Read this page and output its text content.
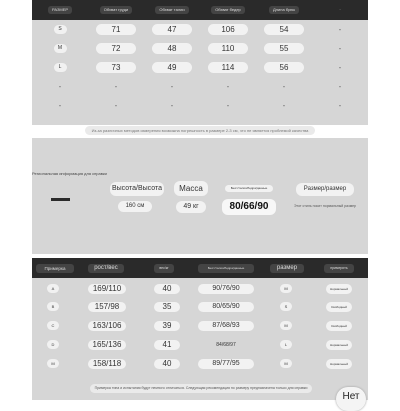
РАЗМЕР	Обхват груди	Обхват талии	Обхват бедер	Длина брюк	·
S	71	47	106	54	-
M	72	48	110	55	-
L	73	49	114	56	-
-	-	-	-	-	-
-	-	-	-	-	-
Из-за различных методов измерения возможна погрешность в размере 2-3 см, что не является проблемой качества
Региональная информация для справки
Высота/Высота
160 см
Масса
49 кг
Бюст/талия/бедра/данные
80/66/90
Размер/размер
Этот стиль носит нормальный размер
Примерка	рост/вес	вес/кг	Бюст/талия/бедра/данные	размер	примерить
A	169/110	40	90/76/90	M	Нормальный
B	157/98	35	80/65/90	S	Свободный
C	163/106	39	87/68/93	M	Свободный
D	165/136	41	84/68/97	L	Нормальный
M	158/118	40	89/77/95	M	Нормальный
Примерка типа и испытания будут немного отличаться. Следующая рекомендация по размеру предназначена только для справки
Нет
